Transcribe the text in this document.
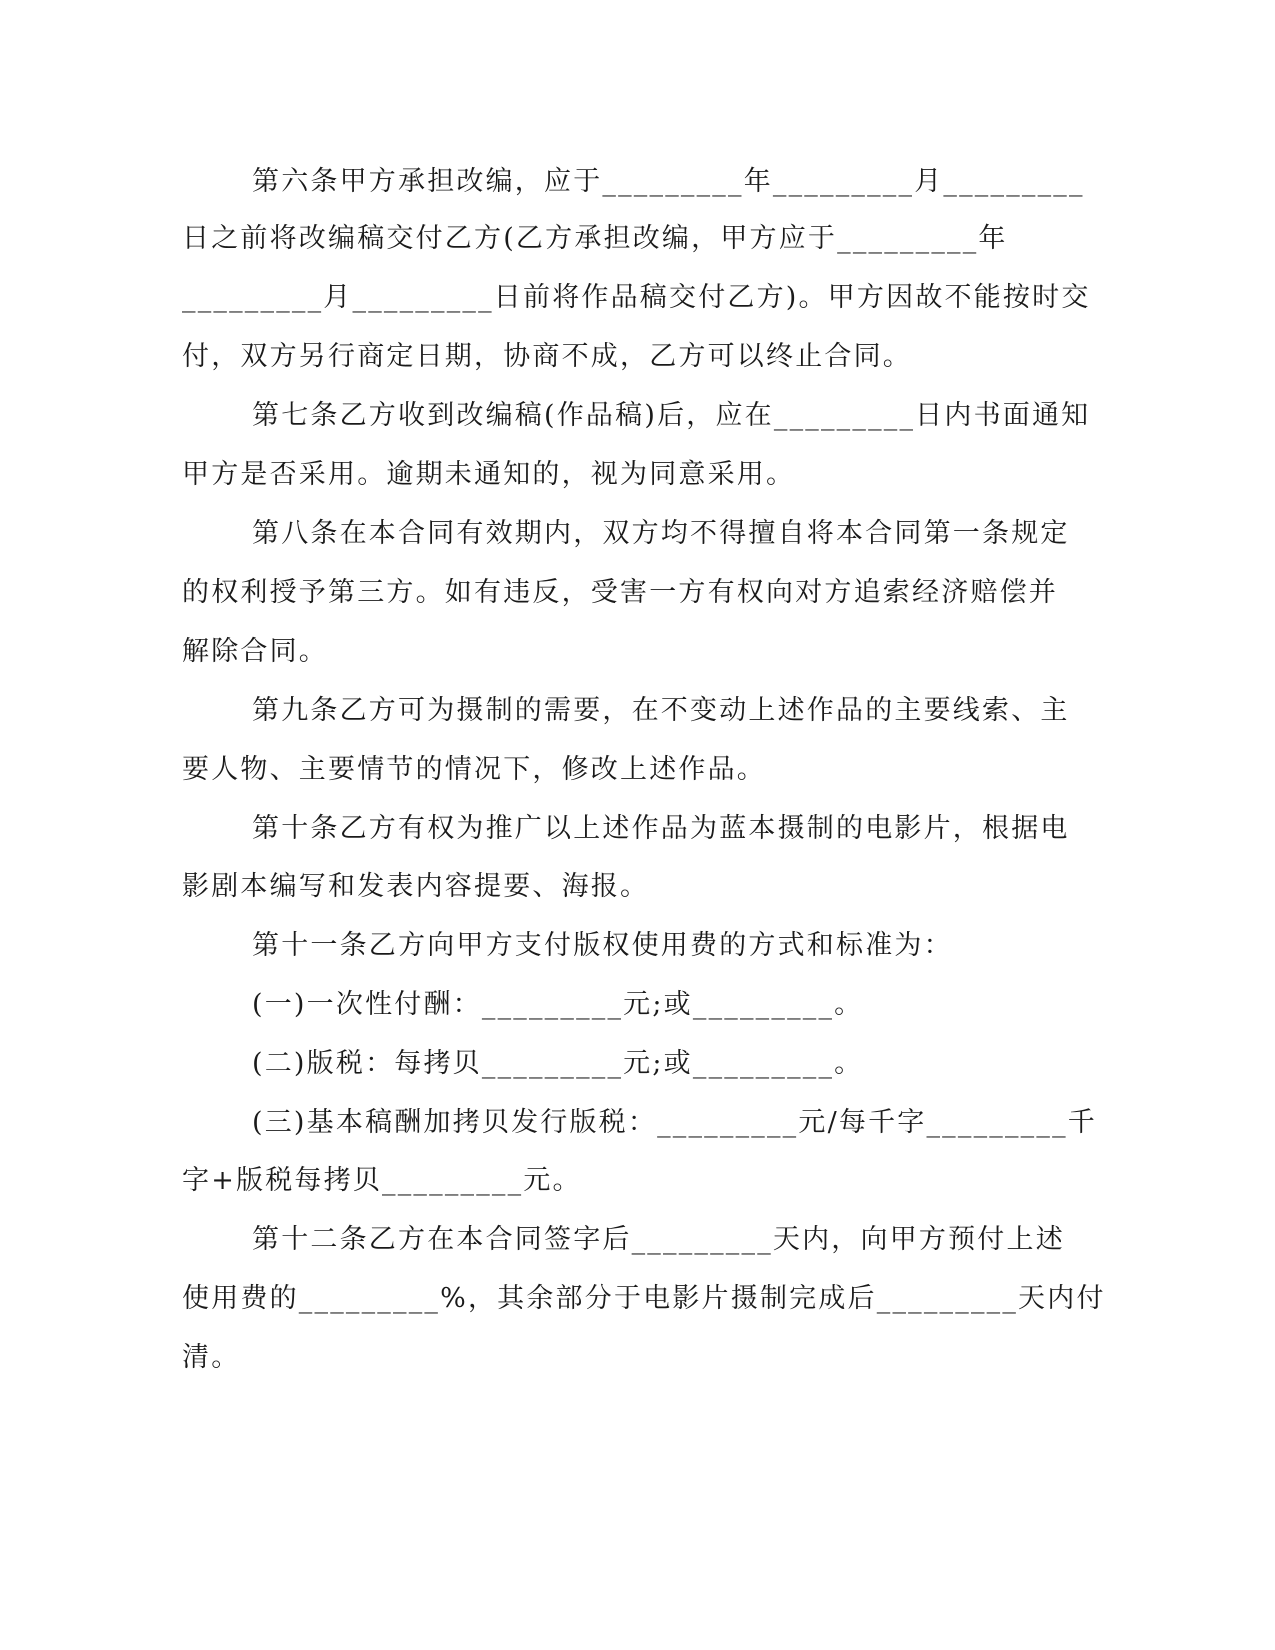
第六条甲方承担改编，应于_________年_________月_________
日之前将改编稿交付乙方(乙方承担改编，甲方应于_________年
_________月_________日前将作品稿交付乙方)。甲方因故不能按时交
付，双方另行商定日期，协商不成，乙方可以终止合同。
第七条乙方收到改编稿(作品稿)后，应在_________日内书面通知
甲方是否采用。逾期未通知的，视为同意采用。
第八条在本合同有效期内，双方均不得擅自将本合同第一条规定
的权利授予第三方。如有违反，受害一方有权向对方追索经济赔偿并
解除合同。
第九条乙方可为摄制的需要，在不变动上述作品的主要线索、主
要人物、主要情节的情况下，修改上述作品。
第十条乙方有权为推广以上述作品为蓝本摄制的电影片，根据电
影剧本编写和发表内容提要、海报。
第十一条乙方向甲方支付版权使用费的方式和标准为：
(一)一次性付酬：_________元;或_________。
(二)版税：每拷贝_________元;或_________。
(三)基本稿酬加拷贝发行版税：_________元/每千字_________千
字+版税每拷贝_________元。
第十二条乙方在本合同签字后_________天内，向甲方预付上述
使用费的_________%，其余部分于电影片摄制完成后_________天内付
清。
